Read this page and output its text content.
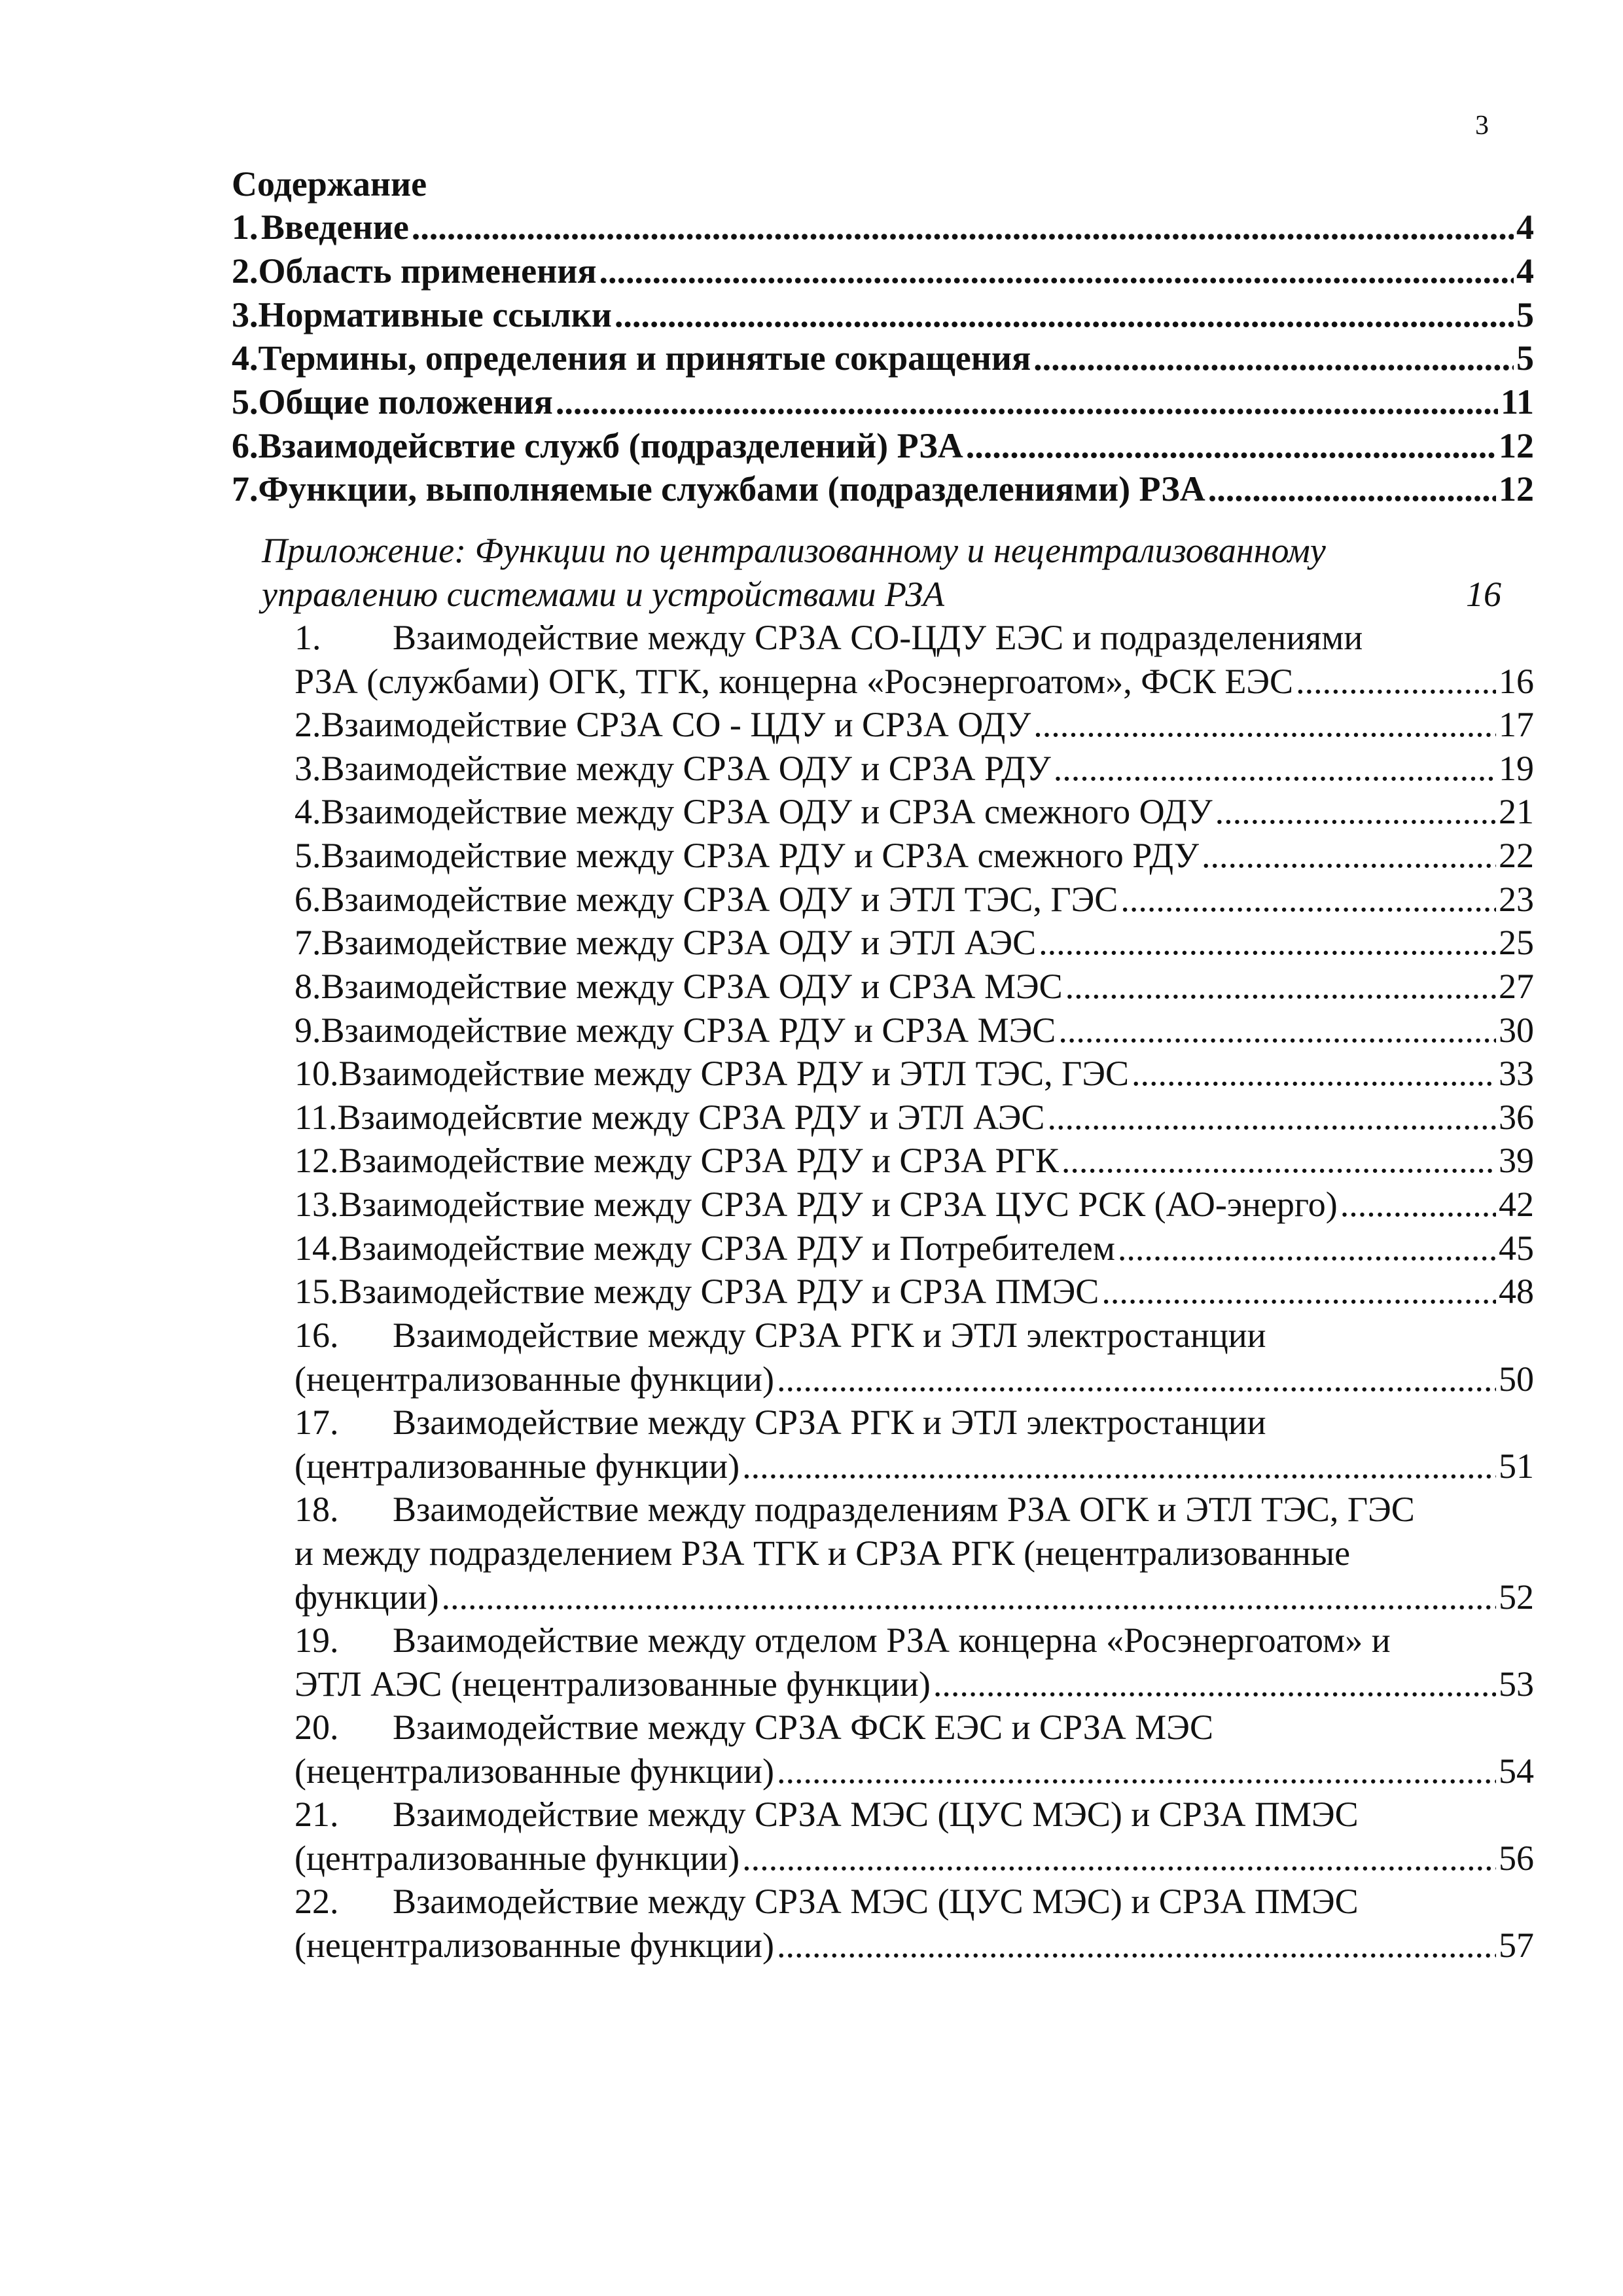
3
Содержание
1. Введение .....	4
2. Область применения .....	4
3. Нормативные ссылки .....	5
4. Термины, определения и принятые сокращения .....	5
5. Общие положения .....	11
6. Взаимодейсвтие служб (подразделений) РЗА .....	12
7. Функции, выполняемые службами (подразделениями) РЗА .....	12
Приложение: Функции по централизованному и нецентрализованному
управлению системами и устройствами РЗА	16
1. Взаимодействие между СРЗА СО-ЦДУ ЕЭС и подразделениями
РЗА (службами) ОГК, ТГК, концерна «Росэнергоатом», ФСК ЕЭС .....	16
2. Взаимодействие СРЗА СО - ЦДУ и СРЗА ОДУ .....	17
3. Взаимодействие между СРЗА ОДУ и СРЗА РДУ .....	19
4. Взаимодействие между СРЗА ОДУ и СРЗА смежного ОДУ .....	21
5. Взаимодействие между СРЗА РДУ и СРЗА смежного РДУ .....	22
6. Взаимодействие между СРЗА ОДУ и ЭТЛ ТЭС, ГЭС .....	23
7. Взаимодействие между СРЗА ОДУ и ЭТЛ АЭС .....	25
8. Взаимодействие между СРЗА ОДУ и СРЗА МЭС .....	27
9. Взаимодействие между СРЗА РДУ и СРЗА МЭС .....	30
10. Взаимодействие между СРЗА РДУ и ЭТЛ ТЭС, ГЭС .....	33
11. Взаимодейсвтие между СРЗА РДУ и ЭТЛ АЭС .....	36
12. Взаимодействие между СРЗА РДУ и СРЗА РГК .....	39
13. Взаимодействие между СРЗА РДУ и СРЗА ЦУС РСК (АО-энерго) .....	42
14. Взаимодействие между СРЗА РДУ и Потребителем .....	45
15. Взаимодействие между СРЗА РДУ и СРЗА ПМЭС .....	48
16. Взаимодействие между СРЗА РГК и ЭТЛ электростанции
(нецентрализованные функции) .....	50
17. Взаимодействие между СРЗА РГК и ЭТЛ электростанции
(централизованные функции) .....	51
18. Взаимодействие между подразделениям РЗА ОГК и ЭТЛ ТЭС, ГЭС
и между подразделением РЗА ТГК и СРЗА РГК (нецентрализованные
функции) .....	52
19. Взаимодействие между отделом РЗА концерна «Росэнергоатом» и
ЭТЛ АЭС (нецентрализованные функции) .....	53
20. Взаимодействие между СРЗА ФСК ЕЭС и СРЗА МЭС
(нецентрализованные функции) .....	54
21. Взаимодействие между СРЗА МЭС (ЦУС МЭС) и СРЗА ПМЭС
(централизованные функции) .....	56
22. Взаимодействие между СРЗА МЭС (ЦУС МЭС) и СРЗА ПМЭС
(нецентрализованные функции) .....	57
